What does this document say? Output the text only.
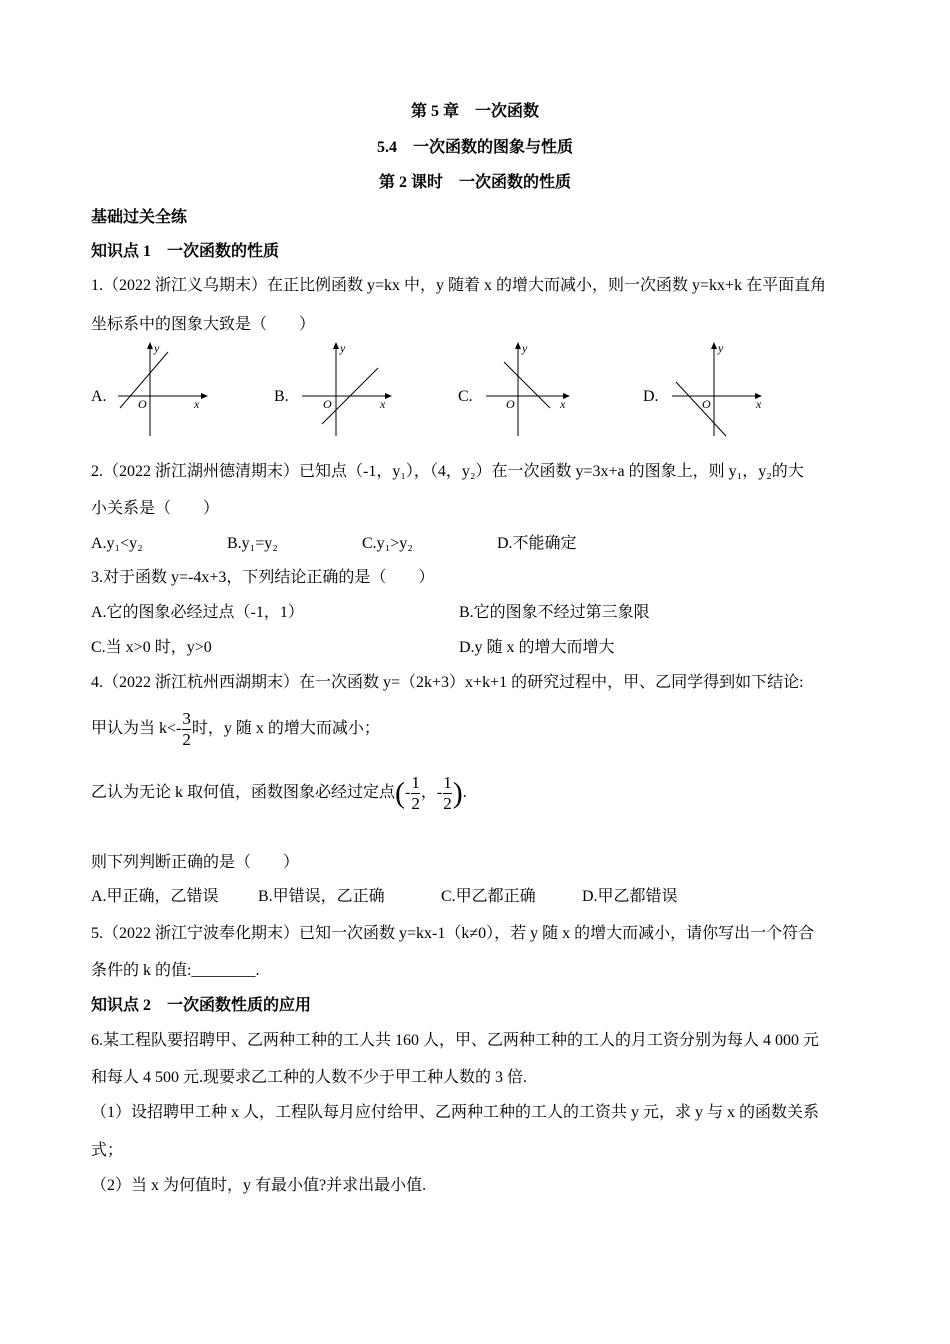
第 5 章　一次函数
5.4　一次函数的图象与性质
第 2 课时　一次函数的性质
基础过关全练
知识点 1　一次函数的性质
1.（2022 浙江义乌期末）在正比例函数 y=kx 中，y 随着 x 的增大而减小，则一次函数 y=kx+k 在平面直角
坐标系中的图象大致是（　　）
A.
y
x
O	B.
y
x
O	C.
y
x
O	D.
y
x
O
2.（2022 浙江湖州德清期末）已知点（-1，y₁），（4，y₂）在一次函数 y=3x+a 的图象上，则 y₁，y₂的大
小关系是（　　）
A.y₁<y₂	B.y₁=y₂	C.y₁>y₂	D.不能确定
3.对于函数 y=-4x+3，下列结论正确的是（　　）
A.它的图象必经过点（-1，1）	B.它的图象不经过第三象限
C.当 x>0 时，y>0	D.y 随 x 的增大而增大
4.（2022 浙江杭州西湖期末）在一次函数 y=（2k+3）x+k+1 的研究过程中，甲、乙同学得到如下结论:
甲认为当 $k<- \frac{3}{2}$ 时，y 随 x 的增大而减小；
乙认为无论 k 取何值，函数图象必经过定点(- $\frac{1}{2}$ ，- $\frac{1}{2}$ ).
则下列判断正确的是（　　）
A.甲正确，乙错误 B.甲错误，乙正确	C.甲乙都正确	D.甲乙都错误
5.（2022 浙江宁波奉化期末）已知一次函数 y=kx-1（k≠0），若 y 随 x 的增大而减小，请你写出一个符合
条件的 k 的值:________.
知识点 2　一次函数性质的应用
6.某工程队要招聘甲、乙两种工种的工人共 160 人，甲、乙两种工种的工人的月工资分别为每人 4 000 元
和每人 4 500 元.现要求乙工种的人数不少于甲工种人数的 3 倍.
（1）设招聘甲工种 x 人，工程队每月应付给甲、乙两种工种的工人的工资共 y 元，求 y 与 x 的函数关系
式；
（2）当 x 为何值时，y 有最小值?并求出最小值.
